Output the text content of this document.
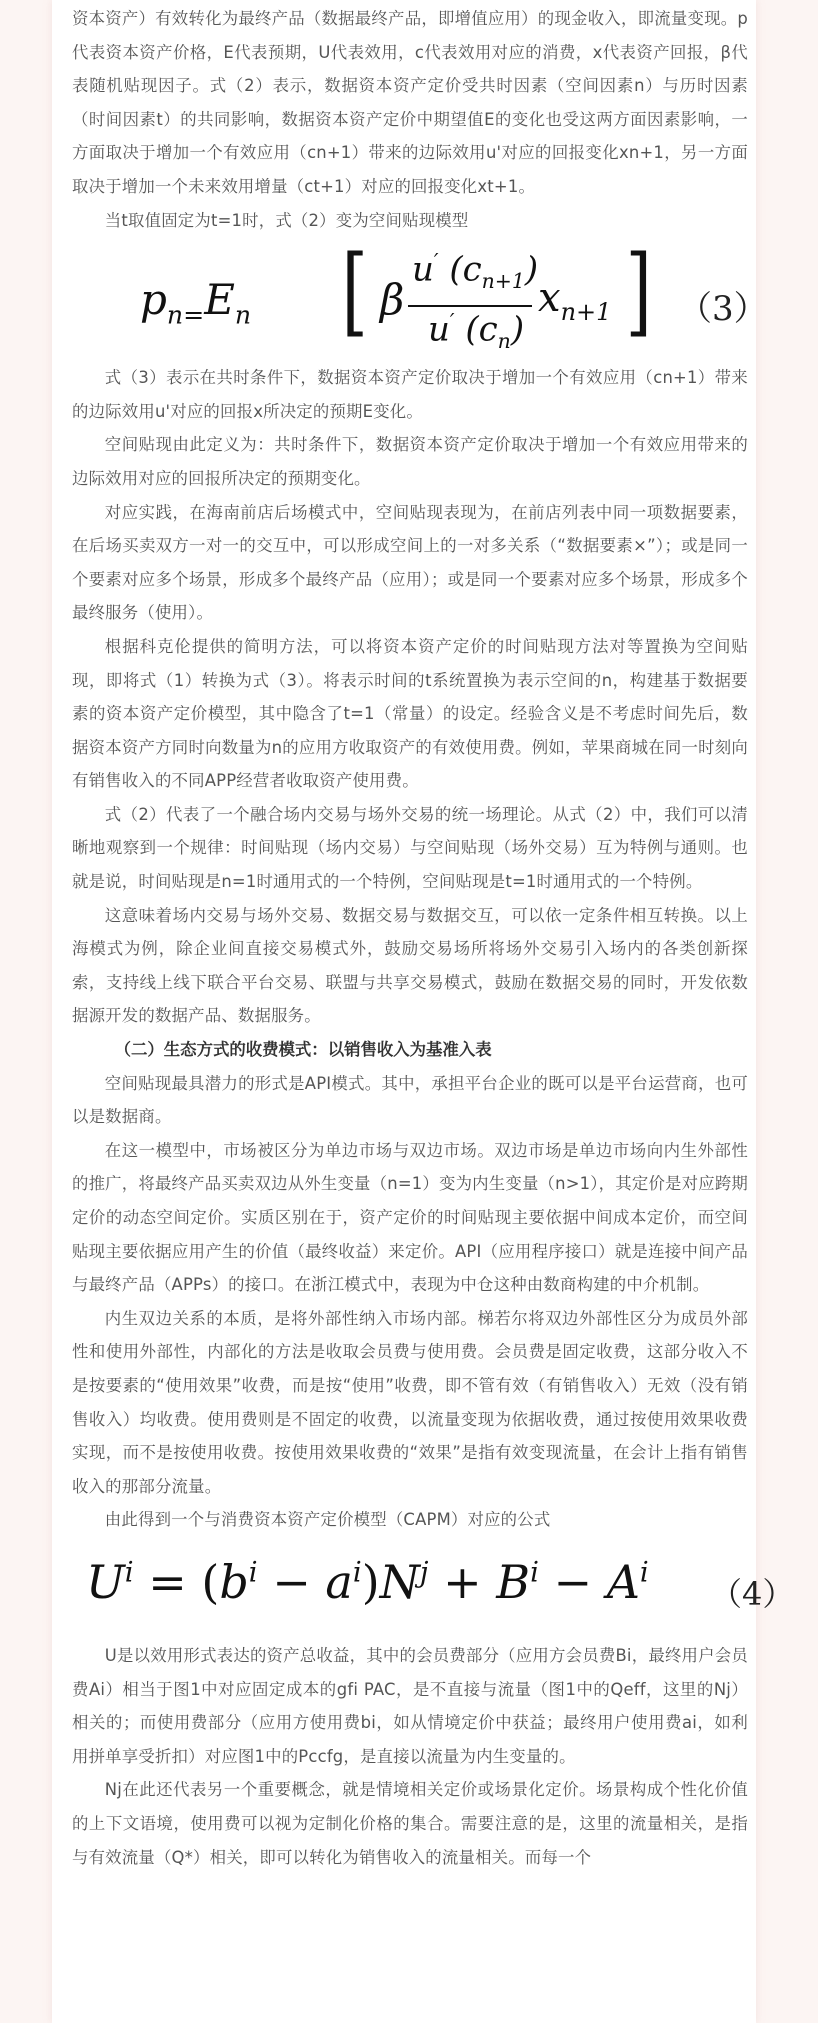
资本资产）有效转化为最终产品（数据最终产品，即增值应用）的现金收入，即流量变现。p代表资本资产价格，E代表预期，U代表效用，c代表效用对应的消费，x代表资产回报，β代表随机贴现因子。式（2）表示，数据资本资产定价受共时因素（空间因素n）与历时因素（时间因素t）的共同影响，数据资本资产定价中期望值E的变化也受这两方面因素影响，一方面取决于增加一个有效应用（cn+1）带来的边际效用u'对应的回报变化xn+1，另一方面取决于增加一个未来效用增量（ct+1）对应的回报变化xt+1。

当t取值固定为t=1时，式（2）变为空间贴现模型

$p_{n=}E_n$ [ β
u′ $(c_{n+1})$
u′ $(c_n)$
$x_{n+1}$ ] （3）

式（3）表示在共时条件下，数据资本资产定价取决于增加一个有效应用（cn+1）带来的边际效用u'对应的回报x所决定的预期E变化。

空间贴现由此定义为：共时条件下，数据资本资产定价取决于增加一个有效应用带来的边际效用对应的回报所决定的预期变化。

对应实践，在海南前店后场模式中，空间贴现表现为，在前店列表中同一项数据要素，在后场买卖双方一对一的交互中，可以形成空间上的一对多关系（“数据要素×”）；或是同一个要素对应多个场景，形成多个最终产品（应用）；或是同一个要素对应多个场景，形成多个最终服务（使用）。

根据科克伦提供的简明方法，可以将资本资产定价的时间贴现方法对等置换为空间贴现，即将式（1）转换为式（3）。将表示时间的t系统置换为表示空间的n，构建基于数据要素的资本资产定价模型，其中隐含了t=1（常量）的设定。经验含义是不考虑时间先后，数据资本资产方同时向数量为n的应用方收取资产的有效使用费。例如，苹果商城在同一时刻向有销售收入的不同APP经营者收取资产使用费。

式（2）代表了一个融合场内交易与场外交易的统一场理论。从式（2）中，我们可以清晰地观察到一个规律：时间贴现（场内交易）与空间贴现（场外交易）互为特例与通则。也就是说，时间贴现是n=1时通用式的一个特例，空间贴现是t=1时通用式的一个特例。

这意味着场内交易与场外交易、数据交易与数据交互，可以依一定条件相互转换。以上海模式为例，除企业间直接交易模式外，鼓励交易场所将场外交易引入场内的各类创新探索，支持线上线下联合平台交易、联盟与共享交易模式，鼓励在数据交易的同时，开发依数据源开发的数据产品、数据服务。

（二）生态方式的收费模式：以销售收入为基准入表

空间贴现最具潜力的形式是API模式。其中，承担平台企业的既可以是平台运营商，也可以是数据商。

在这一模型中，市场被区分为单边市场与双边市场。双边市场是单边市场向内生外部性的推广，将最终产品买卖双边从外生变量（n=1）变为内生变量（n>1），其定价是对应跨期定价的动态空间定价。实质区别在于，资产定价的时间贴现主要依据中间成本定价，而空间贴现主要依据应用产生的价值（最终收益）来定价。API（应用程序接口）就是连接中间产品与最终产品（APPs）的接口。在浙江模式中，表现为中仓这种由数商构建的中介机制。

内生双边关系的本质，是将外部性纳入市场内部。梯若尔将双边外部性区分为成员外部性和使用外部性，内部化的方法是收取会员费与使用费。会员费是固定收费，这部分收入不是按要素的“使用效果”收费，而是按“使用”收费，即不管有效（有销售收入）无效（没有销售收入）均收费。使用费则是不固定的收费，以流量变现为依据收费，通过按使用效果收费实现，而不是按使用收费。按使用效果收费的“效果”是指有效变现流量，在会计上指有销售收入的那部分流量。

由此得到一个与消费资本资产定价模型（CAPM）对应的公式

$U^i = (b^i - a^i)N^j + B^i - A^i$
（4）

U是以效用形式表达的资产总收益，其中的会员费部分（应用方会员费Bi，最终用户会员费Ai）相当于图1中对应固定成本的gfi PAC，是不直接与流量（图1中的Qeff，这里的Nj）相关的；而使用费部分（应用方使用费bi，如从情境定价中获益；最终用户使用费ai，如利用拼单享受折扣）对应图1中的Pccfg，是直接以流量为内生变量的。

Nj在此还代表另一个重要概念，就是情境相关定价或场景化定价。场景构成个性化价值的上下文语境，使用费可以视为定制化价格的集合。需要注意的是，这里的流量相关，是指与有效流量（Q*）相关，即可以转化为销售收入的流量相关。而每一个
